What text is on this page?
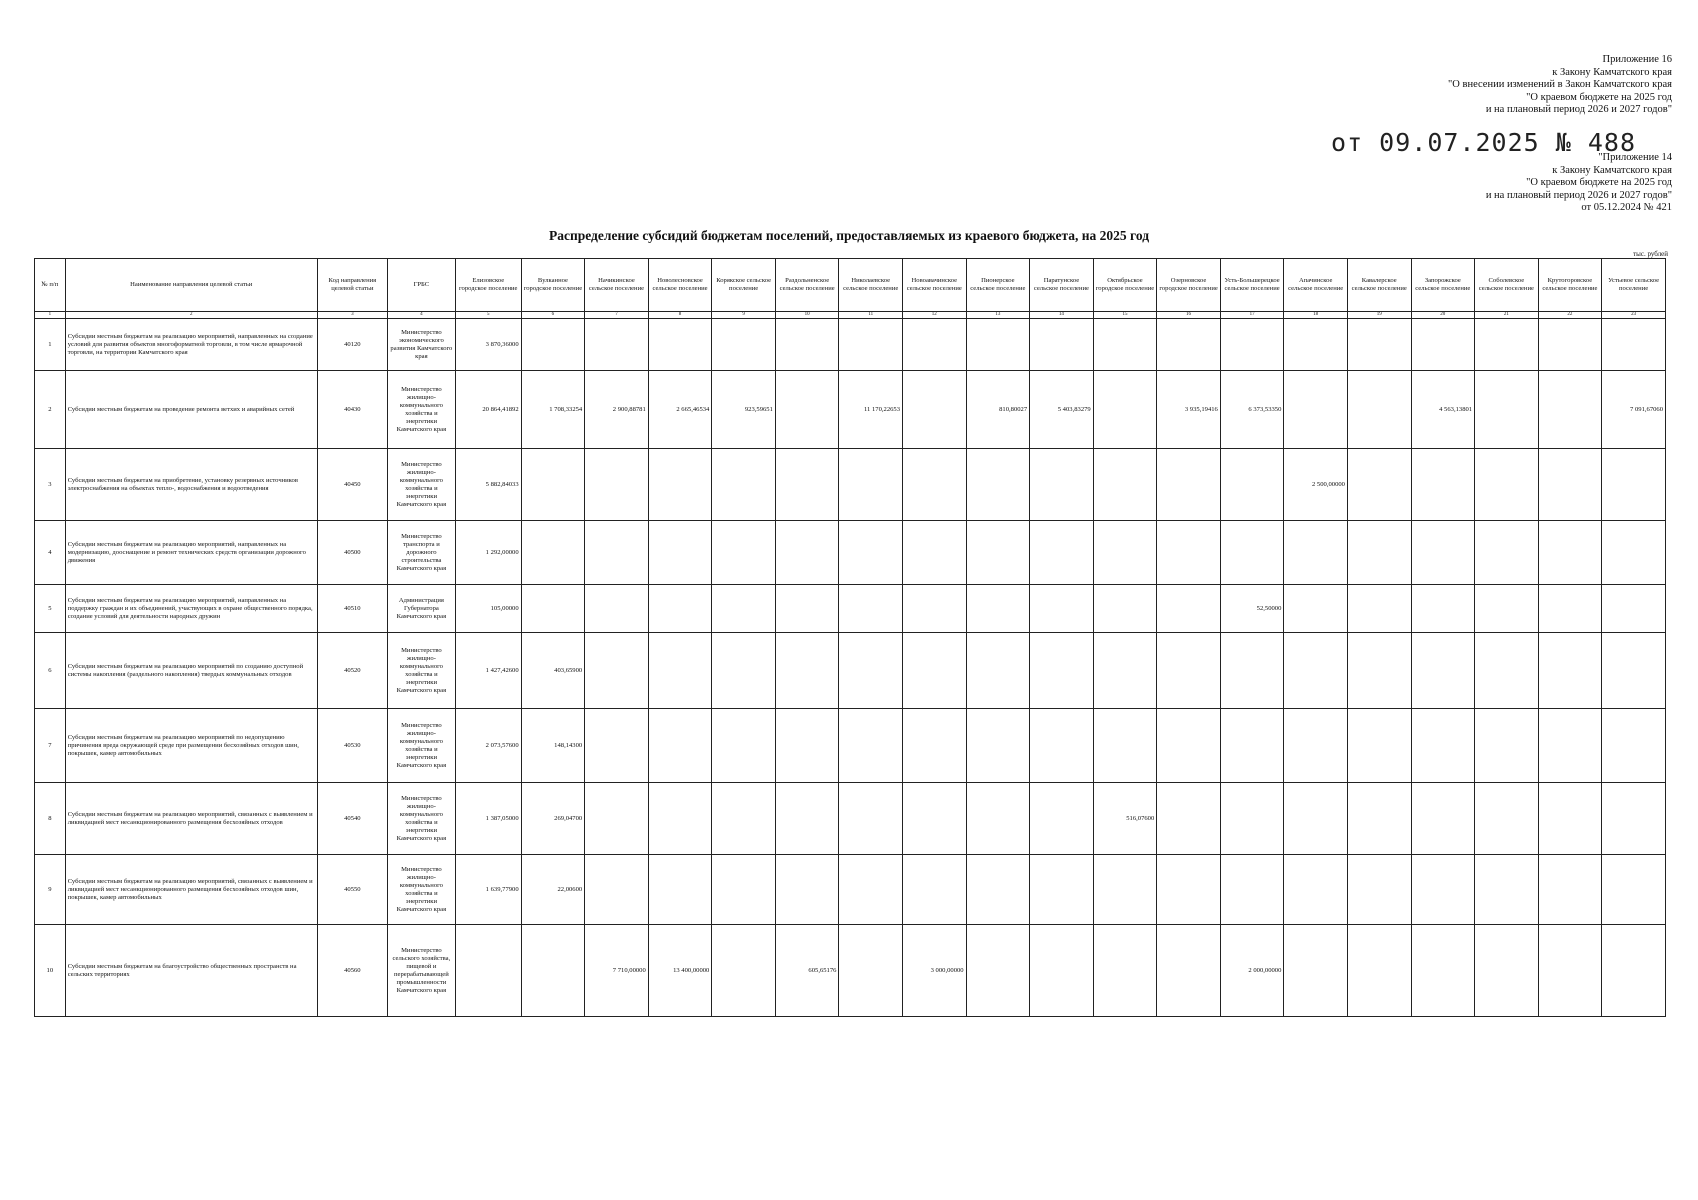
Приложение 16
к Закону Камчатского края
"О внесении изменений в Закон Камчатского края
"О краевом бюджете на 2025 год
и на плановый период 2026 и 2027 годов"
от 09.07.2025 № 488
"Приложение 14
к Закону Камчатского края
"О краевом бюджете на 2025 год
и на плановый период 2026 и 2027 годов"
от 05.12.2024 № 421
Распределение субсидий бюджетам поселений, предоставляемых из краевого бюджета, на 2025 год
тыс. рублей
№ п/п	Наименование направления целевой статьи	Код направления целевой статьи	ГРБС	Елизовское городское поселение	Вулканное городское поселение	Начикинское сельское поселение	Новолесновское сельское поселение	Корякское сельское поселение	Раздольненское сельское поселение	Николаевское сельское поселение	Новоавачинское сельское поселение	Пионерское сельское поселение	Паратунское сельское поселение	Октябрьское городское поселение	Озерновское городское поселение	Усть-Большерецкое сельское поселение	Апачинское сельское поселение	Кавалерское сельское поселение	Запорожское сельское поселение	Соболевское сельское поселение	Крутогоровское сельское поселение	Устьевое сельское поселение
1	2	3	4	5	6	7	8	9	10	11	12	13	14	15	16	17	18	19	20	21	22	23
1	Субсидии местным бюджетам на реализацию мероприятий, направленных на создание условий для развития объектов многоформатной торговли, в том числе ярмарочной торговли, на территории Камчатского края	40120	Министерство экономического развития Камчатского края	3 870,36000																		
2	Субсидии местным бюджетам на проведение ремонта ветхих и аварийных сетей	40430	Министерство жилищно-коммунального хозяйства и энергетики Камчатского края	20 864,41892	1 708,33254	2 900,88781	2 665,46534	923,59651		11 170,22653		810,80027	5 403,83279		3 935,19416	6 373,53350			4 563,13801			7 091,67060
3	Субсидии местным бюджетам на приобретение, установку резервных источников электроснабжения на объектах тепло-, водоснабжения и водоотведения	40450	Министерство жилищно-коммунального хозяйства и энергетики Камчатского края	5 882,84033													2 500,00000					
4	Субсидии местным бюджетам на реализацию мероприятий, направленных на модернизацию, дооснащение и ремонт технических средств организации дорожного движения	40500	Министерство транспорта и дорожного строительства Камчатского края	1 292,00000																		
5	Субсидии местным бюджетам на реализацию мероприятий, направленных на поддержку граждан и их объединений, участвующих в охране общественного порядка, создание условий для деятельности народных дружин	40510	Администрация Губернатора Камчатского края	105,00000												52,50000						
6	Субсидии местным бюджетам на реализацию мероприятий по созданию доступной системы накопления (раздельного накопления) твердых коммунальных отходов	40520	Министерство жилищно-коммунального хозяйства и энергетики Камчатского края	1 427,42600	403,65900																	
7	Субсидии местным бюджетам на реализацию мероприятий по недопущению причинения вреда окружающей среде при размещении бесхозяйных отходов шин, покрышек, камер автомобильных	40530	Министерство жилищно-коммунального хозяйства и энергетики Камчатского края	2 073,57600	148,14300																	
8	Субсидии местным бюджетам на реализацию мероприятий, связанных с выявлением и ликвидацией мест несанкционированного размещения бесхозяйных отходов	40540	Министерство жилищно-коммунального хозяйства и энергетики Камчатского края	1 387,05000	269,04700									516,07600								
9	Субсидии местным бюджетам на реализацию мероприятий, связанных с выявлением и ликвидацией мест несанкционированного размещения бесхозяйных отходов шин, покрышек, камер автомобильных	40550	Министерство жилищно-коммунального хозяйства и энергетики Камчатского края	1 639,77900	22,00600																	
10	Субсидии местным бюджетам на благоустройство общественных пространств на сельских территориях	40560	Министерство сельского хозяйства, пищевой и перерабатывающей промышленности Камчатского края			7 710,00000	13 400,00000		605,65176		3 000,00000					2 000,00000						
